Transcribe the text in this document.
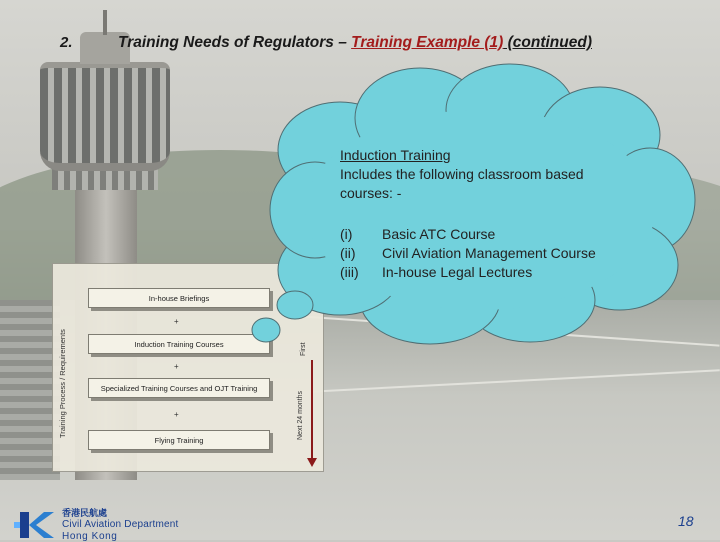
2.	Training Needs of Regulators – Training Example (1) (continued)
Training Process / Requirements
In-house Briefings
+
Induction Training Courses
+
Specialized Training Courses and OJT Training
+
Flying Training	Next 24 months
First
Induction Training
Includes the following classroom based courses: -
(i)	Basic ATC Course
(ii)	Civil Aviation Management Course
(iii)	In-house Legal Lectures
香港民航處
Civil Aviation Department
Hong Kong
18
